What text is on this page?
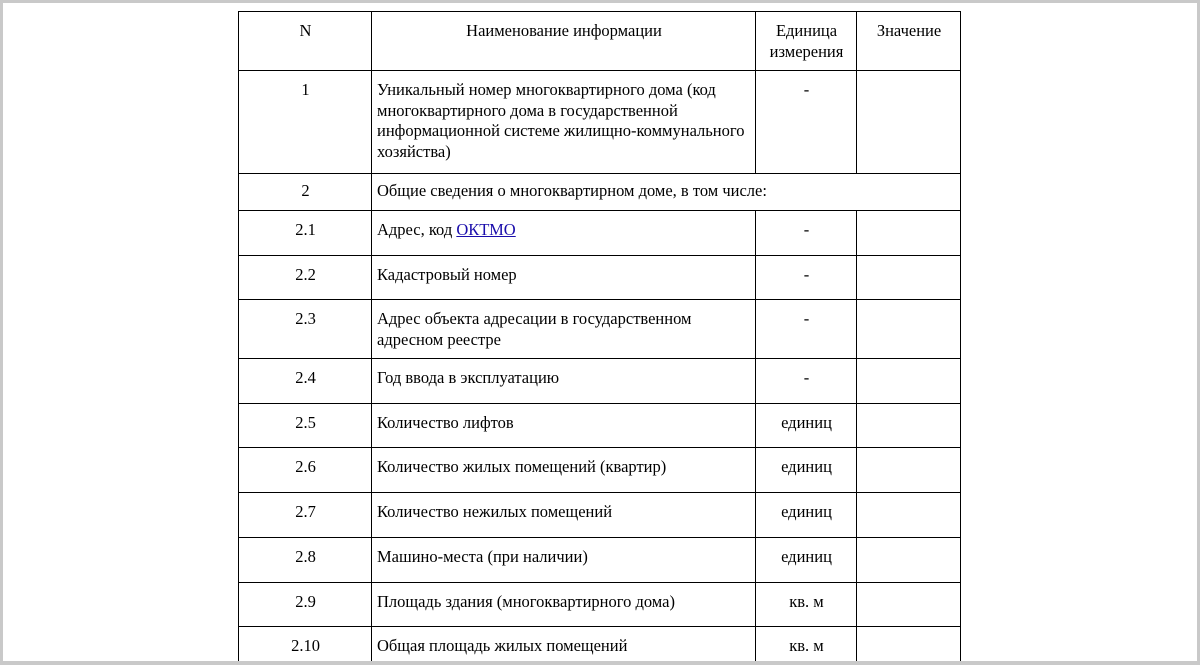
N	Наименование информации	Единица измерения	Значение

1	Уникальный номер многоквартирного дома (код многоквартирного дома в государственной информационной системе жилищно-коммунального хозяйства)	-	

2	Общие сведения о многоквартирном доме, в том числе:		

2.1	Адрес, код ОКТМО	-	

2.2	Кадастровый номер	-	

2.3	Адрес объекта адресации в государственном адресном реестре	-	

2.4	Год ввода в эксплуатацию	-	

2.5	Количество лифтов	единиц	

2.6	Количество жилых помещений (квартир)	единиц	

2.7	Количество нежилых помещений	единиц	

2.8	Машино-места (при наличии)	единиц	

2.9	Площадь здания (многоквартирного дома)	кв. м	

2.10	Общая площадь жилых помещений	кв. м	
